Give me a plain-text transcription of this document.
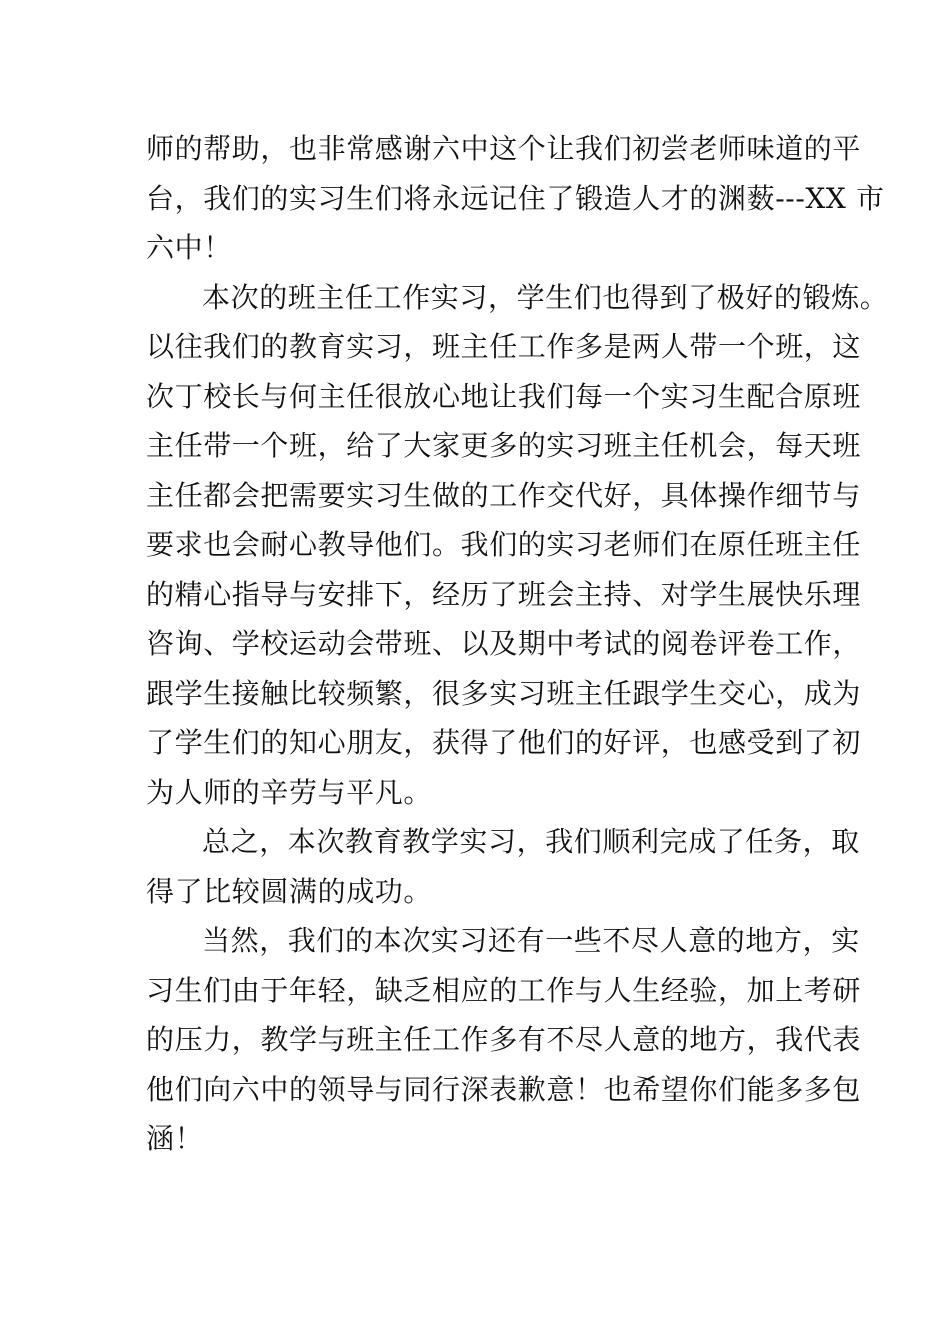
师的帮助，也非常感谢六中这个让我们初尝老师味道的平
台，我们的实习生们将永远记住了锻造人才的渊薮---XX 市
六中！
本次的班主任工作实习，学生们也得到了极好的锻炼。
以往我们的教育实习，班主任工作多是两人带一个班，这
次丁校长与何主任很放心地让我们每一个实习生配合原班
主任带一个班，给了大家更多的实习班主任机会，每天班
主任都会把需要实习生做的工作交代好，具体操作细节与
要求也会耐心教导他们。我们的实习老师们在原任班主任
的精心指导与安排下，经历了班会主持、对学生展快乐理
咨询、学校运动会带班、以及期中考试的阅卷评卷工作，
跟学生接触比较频繁，很多实习班主任跟学生交心，成为
了学生们的知心朋友，获得了他们的好评，也感受到了初
为人师的辛劳与平凡。
总之，本次教育教学实习，我们顺利完成了任务，取
得了比较圆满的成功。
当然，我们的本次实习还有一些不尽人意的地方，实
习生们由于年轻，缺乏相应的工作与人生经验，加上考研
的压力，教学与班主任工作多有不尽人意的地方，我代表
他们向六中的领导与同行深表歉意！也希望你们能多多包
涵！
